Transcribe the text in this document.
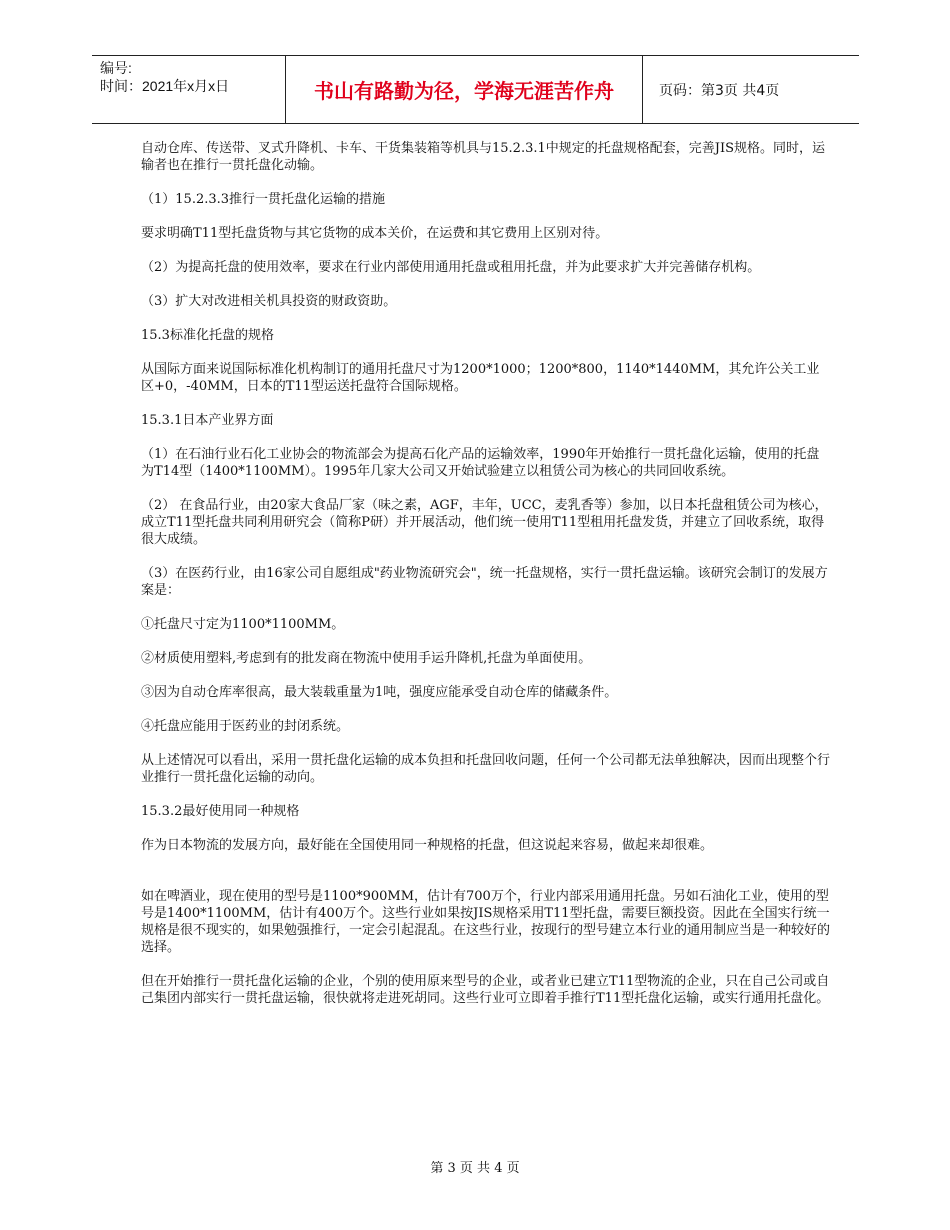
编号:
时间：2021年x月x日	书山有路勤为径，学海无涯苦作舟	页码：第3页 共4页

自动仓库、传送带、叉式升降机、卡车、干货集装箱等机具与15.2.3.1中规定的托盘规格配套，完善JIS规格。同时，运输者也在推行一贯托盘化动输。

（1）15.2.3.3推行一贯托盘化运输的措施

要求明确T11型托盘货物与其它货物的成本关价，在运费和其它费用上区别对待。

（2）为提高托盘的使用效率，要求在行业内部使用通用托盘或租用托盘，并为此要求扩大并完善储存机构。

（3）扩大对改进相关机具投资的财政资助。

15.3标准化托盘的规格

从国际方面来说国际标准化机构制订的通用托盘尺寸为1200*1000；1200*800，1140*1440MM，其允许公关工业区+0，-40MM，日本的T11型运送托盘符合国际规格。

15.3.1日本产业界方面

（1）在石油行业石化工业协会的物流部会为提高石化产品的运输效率，1990年开始推行一贯托盘化运输，使用的托盘为T14型（1400*1100MM）。1995年几家大公司又开始试验建立以租赁公司为核心的共同回收系统。

（2） 在食品行业，由20家大食品厂家（味之素，AGF，丰年，UCC，麦乳香等）参加，以日本托盘租赁公司为核心，成立T11型托盘共同利用研究会（简称P研）并开展活动，他们统一使用T11型租用托盘发货，并建立了回收系统，取得很大成绩。

（3）在医药行业，由16家公司自愿组成"药业物流研究会"，统一托盘规格，实行一贯托盘运输。该研究会制订的发展方案是：

①托盘尺寸定为1100*1100MM。

②材质使用塑料,考虑到有的批发商在物流中使用手运升降机,托盘为单面使用。

③因为自动仓库率很高，最大装载重量为1吨，强度应能承受自动仓库的储藏条件。

④托盘应能用于医药业的封闭系统。

从上述情况可以看出，采用一贯托盘化运输的成本负担和托盘回收问题，任何一个公司都无法单独解决，因而出现整个行业推行一贯托盘化运输的动向。

15.3.2最好使用同一种规格

作为日本物流的发展方向，最好能在全国使用同一种规格的托盘，但这说起来容易，做起来却很难。

如在啤酒业，现在使用的型号是1100*900MM，估计有700万个，行业内部采用通用托盘。另如石油化工业，使用的型号是1400*1100MM，估计有400万个。这些行业如果按JIS规格采用T11型托盘，需要巨额投资。因此在全国实行统一规格是很不现实的，如果勉强推行，一定会引起混乱。在这些行业，按现行的型号建立本行业的通用制应当是一种较好的选择。

但在开始推行一贯托盘化运输的企业，个别的使用原来型号的企业，或者业已建立T11型物流的企业，只在自己公司或自己集团内部实行一贯托盘运输，很快就将走进死胡同。这些行业可立即着手推行T11型托盘化运输，或实行通用托盘化。

第 3 页 共 4 页
